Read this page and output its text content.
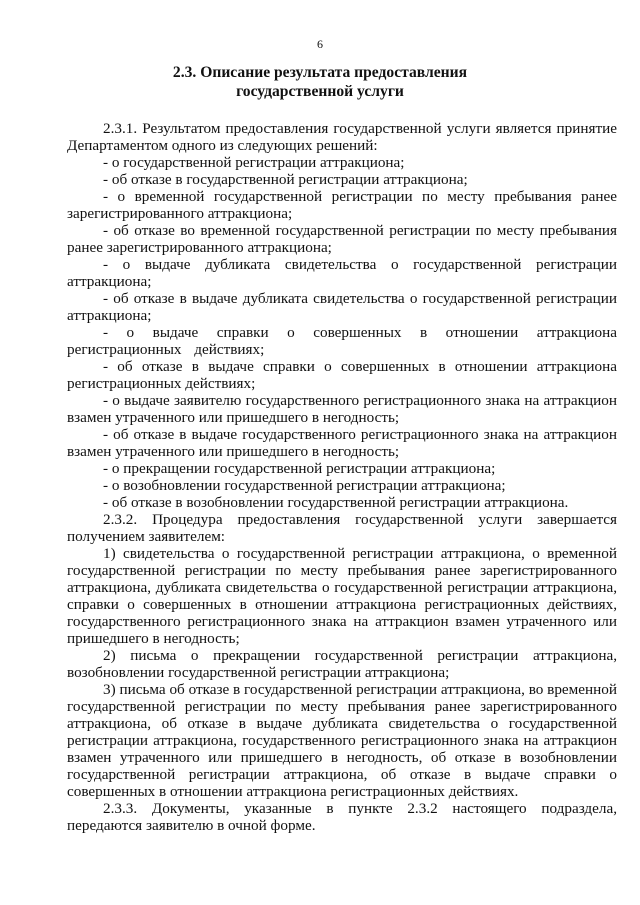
6
2.3. Описание результата предоставления
государственной услуги

2.3.1. Результатом предоставления государственной услуги является принятие Департаментом одного из следующих решений:

- о государственной регистрации аттракциона;

- об отказе в государственной регистрации аттракциона;

- о временной государственной регистрации по месту пребывания ранее зарегистрированного аттракциона;

- об отказе во временной государственной регистрации по месту пребывания ранее зарегистрированного аттракциона;

- о выдаче дубликата свидетельства о государственной регистрации аттракциона;

- об отказе в выдаче дубликата свидетельства о государственной регистрации аттракциона;

- о выдаче справки о совершенных в отношении аттракциона регистрационных действиях;

- об отказе в выдаче справки о совершенных в отношении аттракциона регистрационных действиях;

- о выдаче заявителю государственного регистрационного знака на аттракцион взамен утраченного или пришедшего в негодность;

- об отказе в выдаче государственного регистрационного знака на аттракцион взамен утраченного или пришедшего в негодность;

- о прекращении государственной регистрации аттракциона;

- о возобновлении государственной регистрации аттракциона;

- об отказе в возобновлении государственной регистрации аттракциона.

2.3.2. Процедура предоставления государственной услуги завершается получением заявителем:

1) свидетельства о государственной регистрации аттракциона, о временной государственной регистрации по месту пребывания ранее зарегистрированного аттракциона, дубликата свидетельства о государственной регистрации аттракциона, справки о совершенных в отношении аттракциона регистрационных действиях, государственного регистрационного знака на аттракцион взамен утраченного или пришедшего в негодность;

2) письма о прекращении государственной регистрации аттракциона, возобновлении государственной регистрации аттракциона;

3) письма об отказе в государственной регистрации аттракциона, во временной государственной регистрации по месту пребывания ранее зарегистрированного аттракциона, об отказе в выдаче дубликата свидетельства о государственной регистрации аттракциона, государственного регистрационного знака на аттракцион взамен утраченного или пришедшего в негодность, об отказе в возобновлении государственной регистрации аттракциона, об отказе в выдаче справки о совершенных в отношении аттракциона регистрационных действиях.

2.3.3. Документы, указанные в пункте 2.3.2 настоящего подраздела, передаются заявителю в очной форме.
